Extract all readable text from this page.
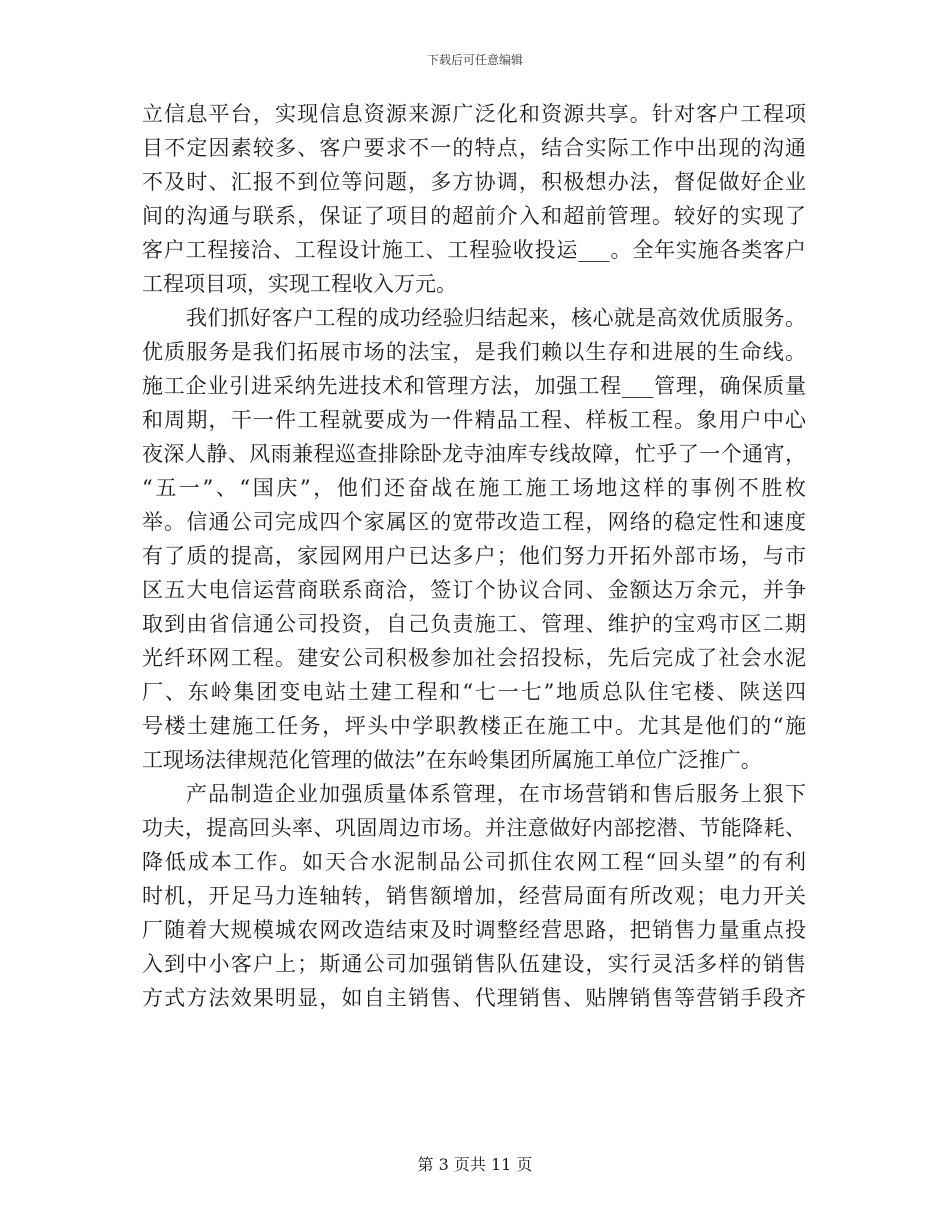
下载后可任意编辑
立信息平台，实现信息资源来源广泛化和资源共享。针对客户工程项
目不定因素较多、客户要求不一的特点，结合实际工作中出现的沟通
不及时、汇报不到位等问题，多方协调，积极想办法，督促做好企业
间的沟通与联系，保证了项目的超前介入和超前管理。较好的实现了
客户工程接洽、工程设计施工、工程验收投运___。全年实施各类客户
工程项目项，实现工程收入万元。
我们抓好客户工程的成功经验归结起来，核心就是高效优质服务。
优质服务是我们拓展市场的法宝，是我们赖以生存和进展的生命线。
施工企业引进采纳先进技术和管理方法，加强工程___管理，确保质量
和周期，干一件工程就要成为一件精品工程、样板工程。象用户中心
夜深人静、风雨兼程巡查排除卧龙寺油库专线故障，忙乎了一个通宵，
“五一”、“国庆”，他们还奋战在施工施工场地这样的事例不胜枚
举。信通公司完成四个家属区的宽带改造工程，网络的稳定性和速度
有了质的提高，家园网用户已达多户；他们努力开拓外部市场，与市
区五大电信运营商联系商洽，签订个协议合同、金额达万余元，并争
取到由省信通公司投资，自己负责施工、管理、维护的宝鸡市区二期
光纤环网工程。建安公司积极参加社会招投标，先后完成了社会水泥
厂、东岭集团变电站土建工程和“七一七”地质总队住宅楼、陕送四
号楼土建施工任务，坪头中学职教楼正在施工中。尤其是他们的“施
工现场法律规范化管理的做法”在东岭集团所属施工单位广泛推广。
产品制造企业加强质量体系管理，在市场营销和售后服务上狠下
功夫，提高回头率、巩固周边市场。并注意做好内部挖潜、节能降耗、
降低成本工作。如天合水泥制品公司抓住农网工程“回头望”的有利
时机，开足马力连轴转，销售额增加，经营局面有所改观；电力开关
厂随着大规模城农网改造结束及时调整经营思路，把销售力量重点投
入到中小客户上；斯通公司加强销售队伍建设，实行灵活多样的销售
方式方法效果明显，如自主销售、代理销售、贴牌销售等营销手段齐
第 3 页共 11 页
